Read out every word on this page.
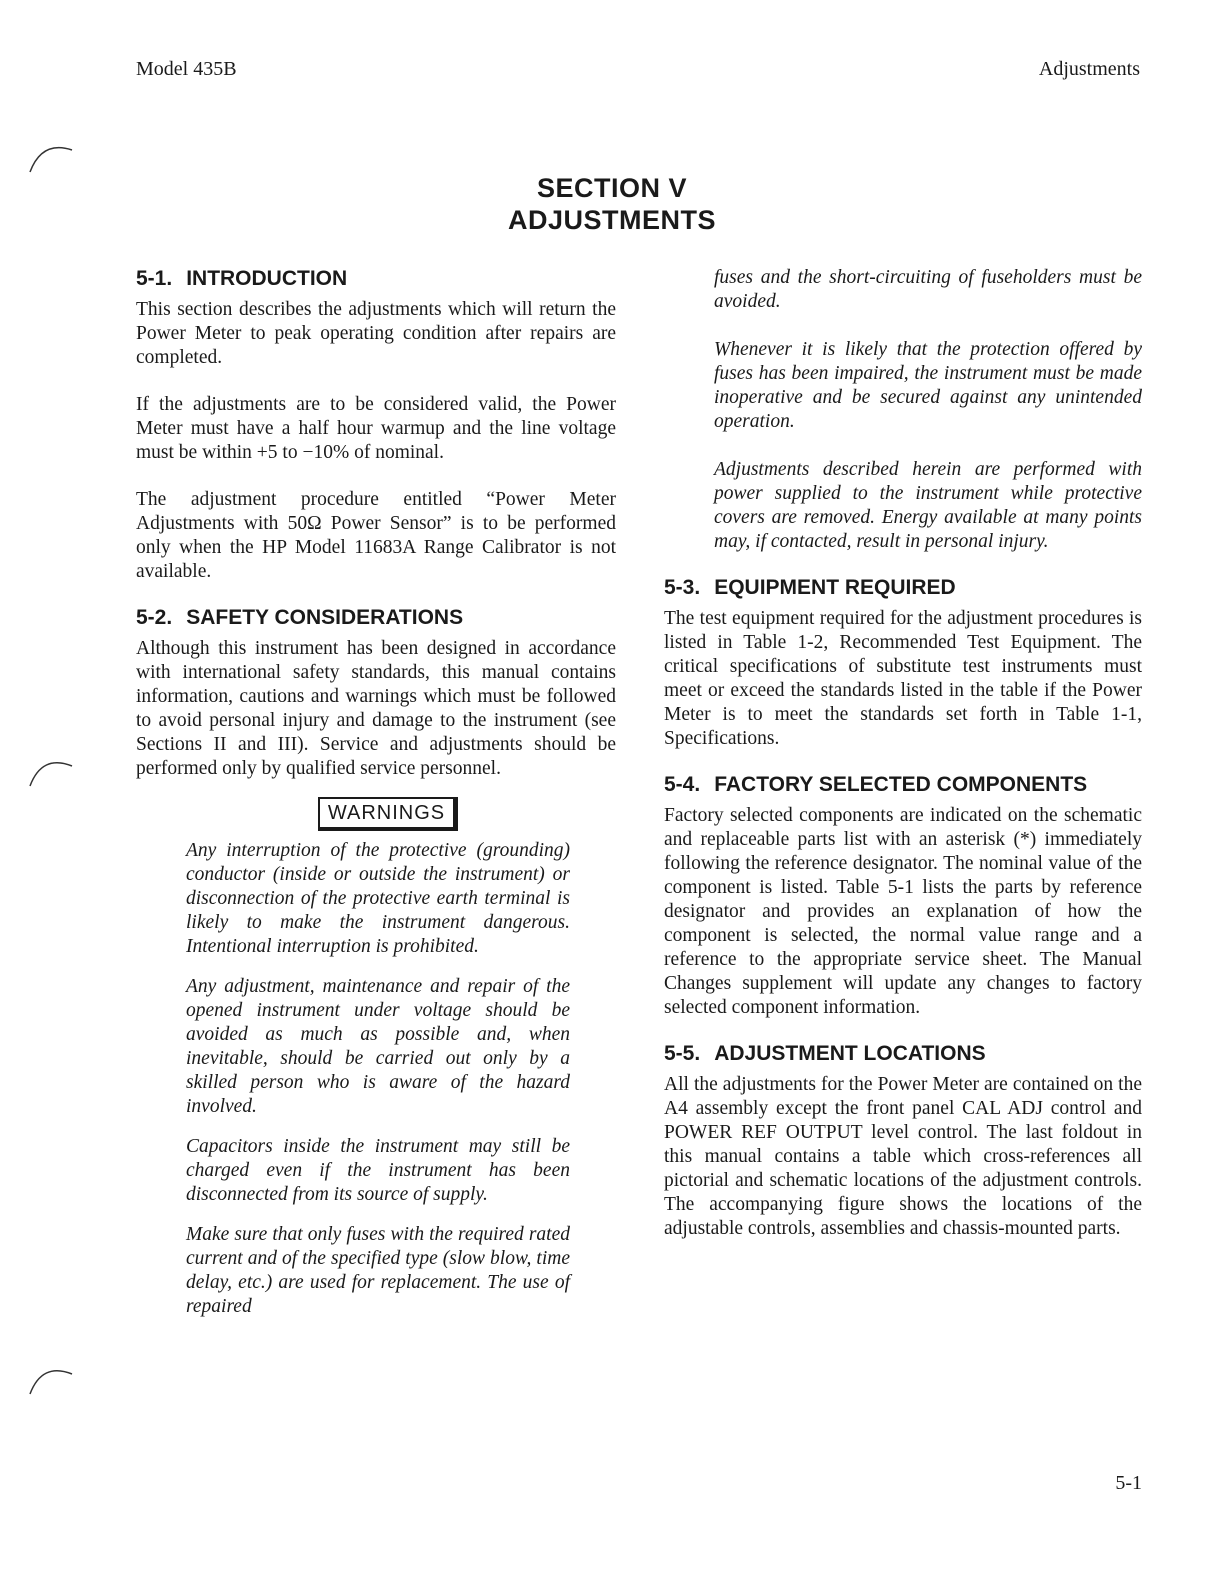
Model 435B	Adjustments
SECTION V
ADJUSTMENTS
5-1. INTRODUCTION

This section describes the adjustments which will return the Power Meter to peak operating condition after repairs are completed.

If the adjustments are to be considered valid, the Power Meter must have a half hour warmup and the line voltage must be within +5 to −10% of nominal.

The adjustment procedure entitled “Power Meter Adjustments with 50Ω Power Sensor” is to be performed only when the HP Model 11683A Range Calibrator is not available.

5-2. SAFETY CONSIDERATIONS

Although this instrument has been designed in accordance with international safety standards, this manual contains information, cautions and warnings which must be followed to avoid personal injury and damage to the instrument (see Sections II and III). Service and adjustments should be performed only by qualified service personnel.

WARNINGS

Any interruption of the protective (grounding) conductor (inside or outside the instrument) or disconnection of the protective earth terminal is likely to make the instrument dangerous. Intentional interruption is prohibited.

Any adjustment, maintenance and repair of the opened instrument under voltage should be avoided as much as possible and, when inevitable, should be carried out only by a skilled person who is aware of the hazard involved.

Capacitors inside the instrument may still be charged even if the instrument has been disconnected from its source of supply.

Make sure that only fuses with the required rated current and of the specified type (slow blow, time delay, etc.) are used for replacement. The use of repaired

fuses and the short-circuiting of fuseholders must be avoided.

Whenever it is likely that the protection offered by fuses has been impaired, the instrument must be made inoperative and be secured against any unintended operation.

Adjustments described herein are performed with power supplied to the instrument while protective covers are removed. Energy available at many points may, if contacted, result in personal injury.

5-3. EQUIPMENT REQUIRED

The test equipment required for the adjustment procedures is listed in Table 1-2, Recommended Test Equipment. The critical specifications of substitute test instruments must meet or exceed the standards listed in the table if the Power Meter is to meet the standards set forth in Table 1-1, Specifications.

5-4. FACTORY SELECTED COMPONENTS

Factory selected components are indicated on the schematic and replaceable parts list with an asterisk (*) immediately following the reference designator. The nominal value of the component is listed. Table 5-1 lists the parts by reference designator and provides an explanation of how the component is selected, the normal value range and a reference to the appropriate service sheet. The Manual Changes supplement will update any changes to factory selected component information.

5-5. ADJUSTMENT LOCATIONS

All the adjustments for the Power Meter are contained on the A4 assembly except the front panel CAL ADJ control and POWER REF OUTPUT level control. The last foldout in this manual contains a table which cross-references all pictorial and schematic locations of the adjustment controls. The accompanying figure shows the locations of the adjustable controls, assemblies and chassis-mounted parts.

5-1
